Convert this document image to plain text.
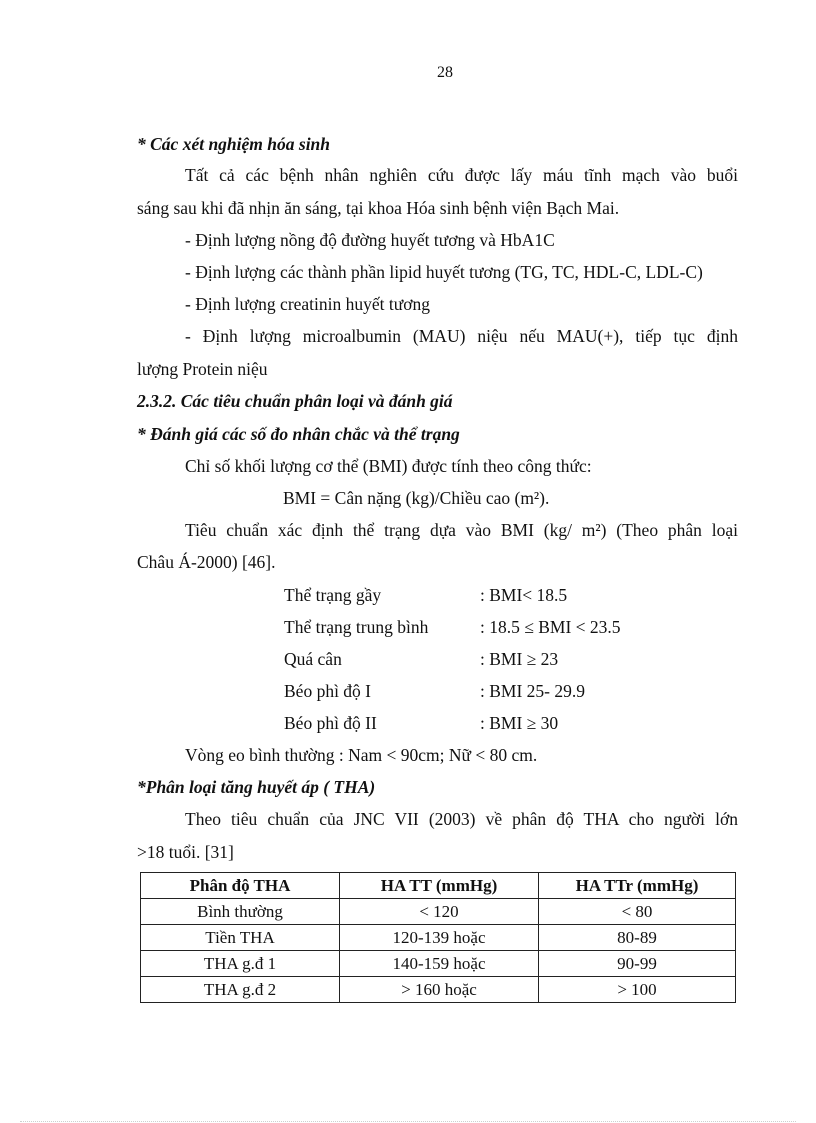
28
* Các xét nghiệm hóa sinh
Tất cả các bệnh nhân nghiên cứu được lấy máu tĩnh mạch vào buổi
sáng sau khi đã nhịn ăn sáng, tại khoa Hóa sinh bệnh viện Bạch Mai.
- Định lượng nồng độ đường huyết tương và HbA1C
- Định lượng các thành phần lipid huyết tương (TG, TC, HDL-C, LDL-C)
- Định lượng creatinin huyết tương
- Định lượng microalbumin (MAU) niệu nếu MAU(+), tiếp tục định
lượng Protein niệu
2.3.2. Các tiêu chuẩn phân loại và đánh giá
* Đánh giá các số đo nhân chắc và thể trạng
Chỉ số khối lượng cơ thể (BMI) được tính theo công thức:
BMI = Cân nặng (kg)/Chiều cao (m²).
Tiêu chuẩn xác định thể trạng dựa vào BMI (kg/ m²) (Theo phân loại
Châu Á-2000) [46].
Thể trạng gầy	: BMI< 18.5
Thể trạng trung bình	: 18.5 ≤ BMI < 23.5
Quá cân	: BMI ≥ 23
Béo phì độ I	: BMI 25- 29.9
Béo phì độ II	: BMI ≥ 30
Vòng eo bình thường : Nam < 90cm; Nữ < 80 cm.
*Phân loại tăng huyết áp ( THA)
Theo tiêu chuẩn của JNC VII (2003) về phân độ THA cho người lớn
>18 tuổi. [31]
Phân độ THA	HA TT (mmHg)	HA TTr (mmHg)
Bình thường	< 120	< 80
Tiền THA	120-139 hoặc	80-89
THA g.đ 1	140-159 hoặc	90-99
THA g.đ 2	> 160 hoặc	> 100
